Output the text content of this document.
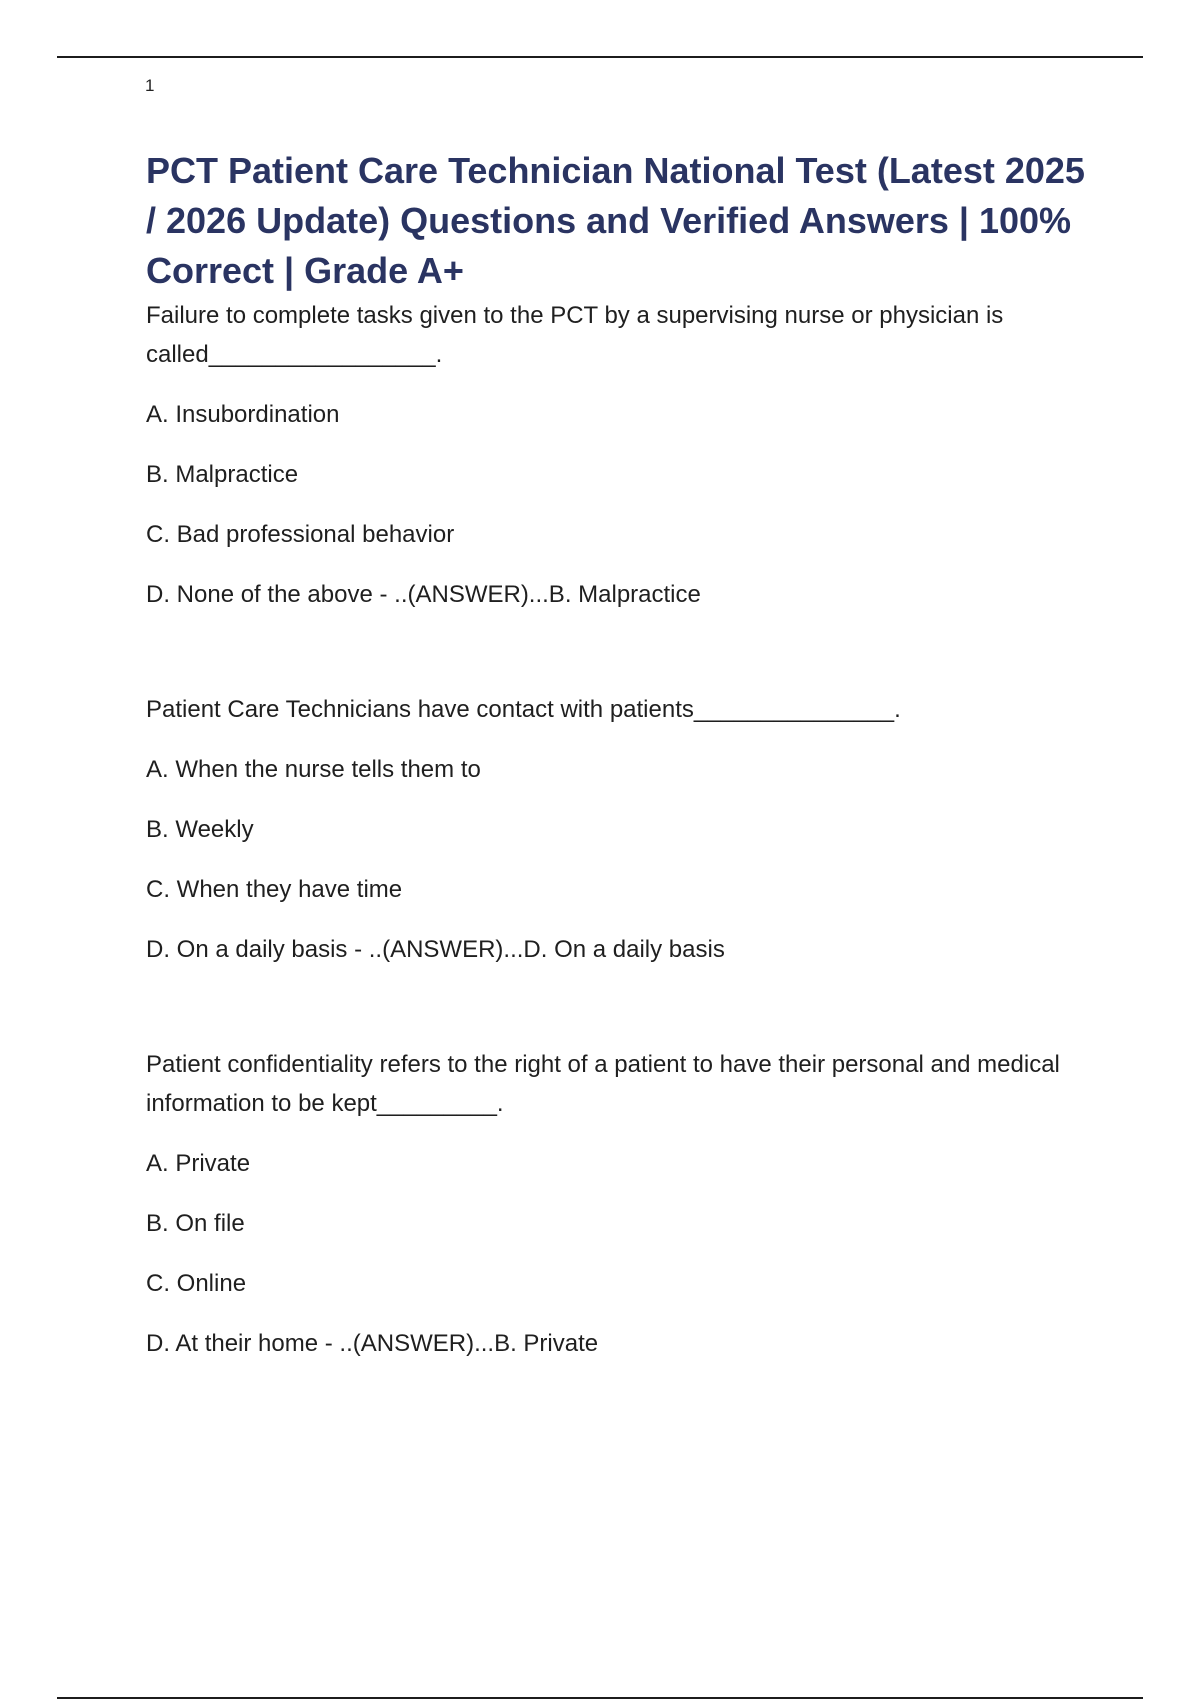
1
PCT Patient Care Technician National Test (Latest 2025 / 2026 Update) Questions and Verified Answers | 100% Correct | Grade A+

Failure to complete tasks given to the PCT by a supervising nurse or physician is called_________________.

A. Insubordination

B. Malpractice

C. Bad professional behavior

D. None of the above - ..(ANSWER)...B. Malpractice

Patient Care Technicians have contact with patients_______________.

A. When the nurse tells them to

B. Weekly

C. When they have time

D. On a daily basis - ..(ANSWER)...D. On a daily basis

Patient confidentiality refers to the right of a patient to have their personal and medical information to be kept_________.

A. Private

B. On file

C. Online

D. At their home - ..(ANSWER)...B. Private
